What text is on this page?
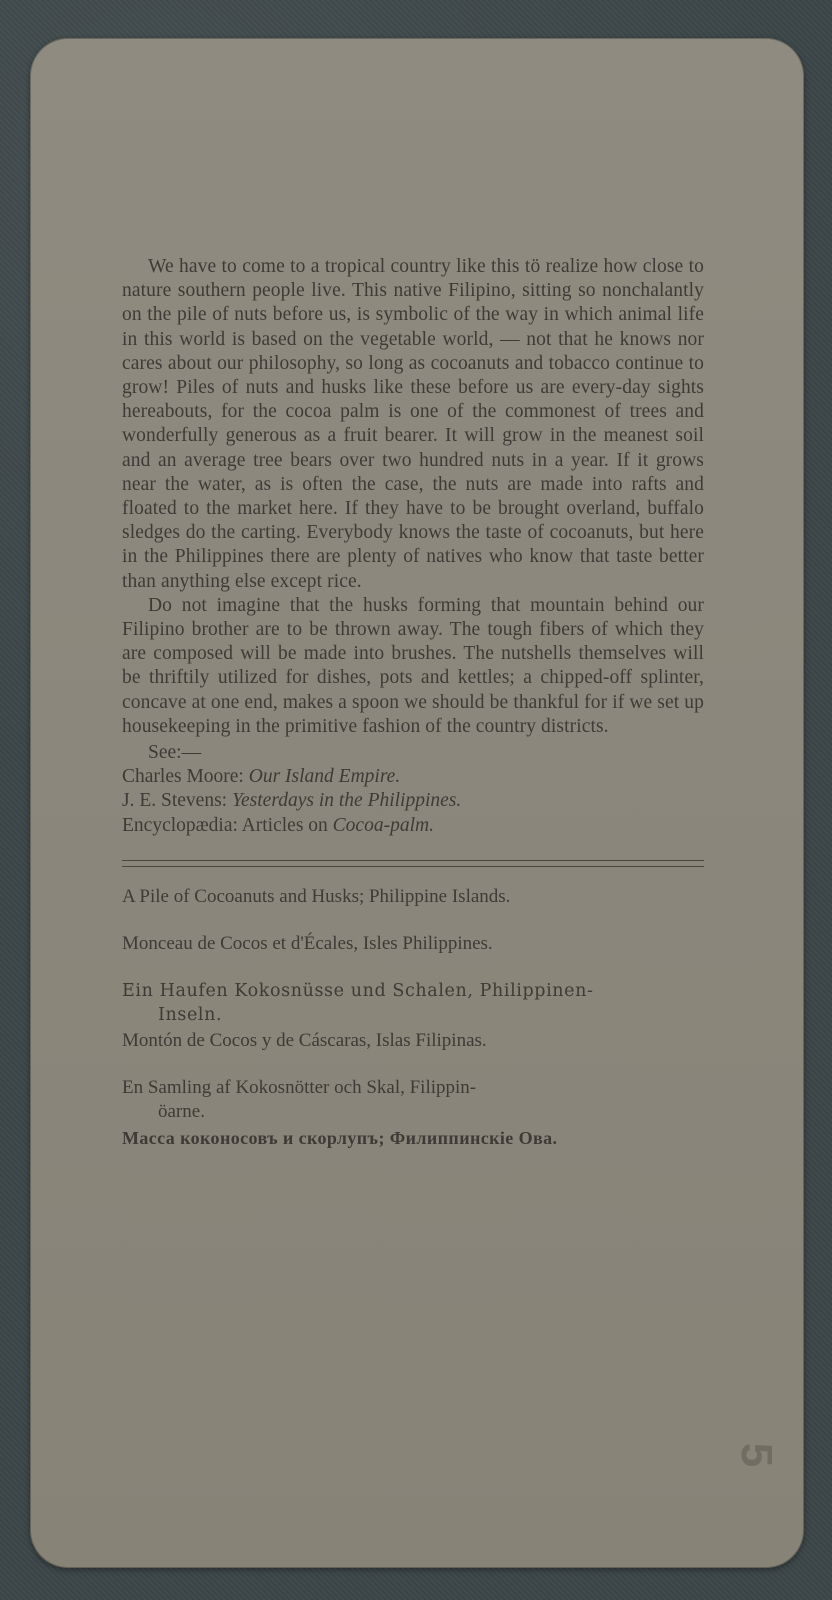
We have to come to a tropical country like this tö realize how close to nature southern people live. This native Filipino, sitting so nonchalantly on the pile of nuts before us, is symbolic of the way in which animal life in this world is based on the vegetable world, — not that he knows nor cares about our philosophy, so long as cocoanuts and tobacco continue to grow! Piles of nuts and husks like these before us are every-day sights hereabouts, for the cocoa palm is one of the commonest of trees and wonderfully generous as a fruit bearer. It will grow in the meanest soil and an average tree bears over two hundred nuts in a year. If it grows near the water, as is often the case, the nuts are made into rafts and floated to the market here. If they have to be brought overland, buffalo sledges do the carting. Everybody knows the taste of cocoanuts, but here in the Philippines there are plenty of natives who know that taste better than anything else except rice.

Do not imagine that the husks forming that mountain behind our Filipino brother are to be thrown away. The tough fibers of which they are composed will be made into brushes. The nutshells themselves will be thriftily utilized for dishes, pots and kettles; a chipped-off splinter, concave at one end, makes a spoon we should be thankful for if we set up housekeeping in the primitive fashion of the country districts.

See:—
Charles Moore: Our Island Empire.
J. E. Stevens: Yesterdays in the Philippines.
Encyclopædia: Articles on Cocoa-palm.
A Pile of Cocoanuts and Husks; Philippine Islands.
Monceau de Cocos et d'Écales, Isles Philippines.
Ein Haufen Kokosnüsse und Schalen, Philippinen-
Inseln.
Montón de Cocos y de Cáscaras, Islas Filipinas.
En Samling af Kokosnötter och Skal, Filippin-
öarne.
Масса коконосовъ и скорлупъ; Филиппинскіе Ова.
5
